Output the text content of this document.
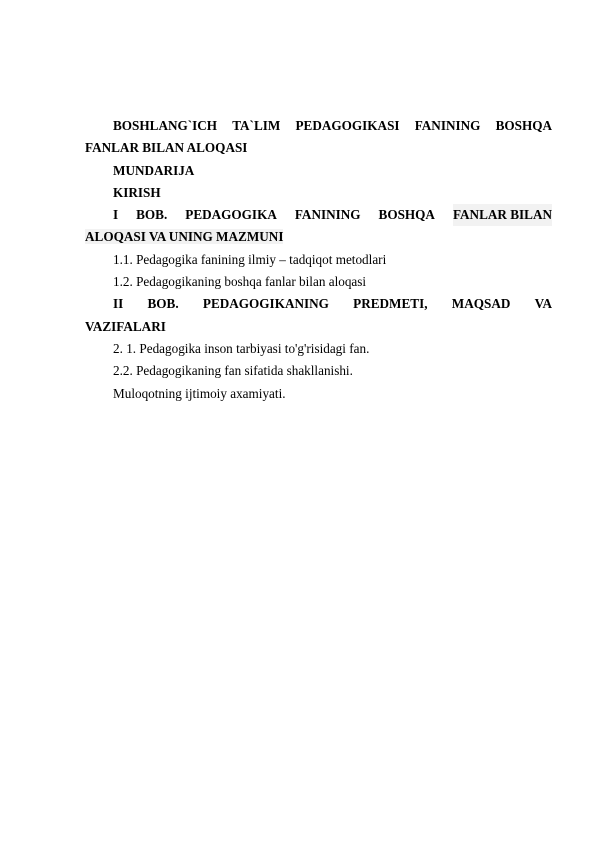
BOSHLANG`ICH TA`LIM PEDAGOGIKASI FANINING BOSHQA
FANLAR BILAN ALOQASI
MUNDARIJA
KIRISH
I BOB. PEDAGOGIKA FANINING BOSHQA FANLAR BILAN
ALOQASI VA UNING MAZMUNI
1.1. Pedagogika fanining ilmiy – tadqiqot metodlari
1.2. Pedagogikaning boshqa fanlar bilan aloqasi
II BOB. PEDAGOGIKANING PREDMETI, MAQSAD VA
VAZIFALARI
2. 1. Pedagogika inson tarbiyasi to'g'risidagi fan.
2.2. Pedagogikaning fan sifatida shakllanishi.
Muloqotning ijtimoiy axamiyati.
